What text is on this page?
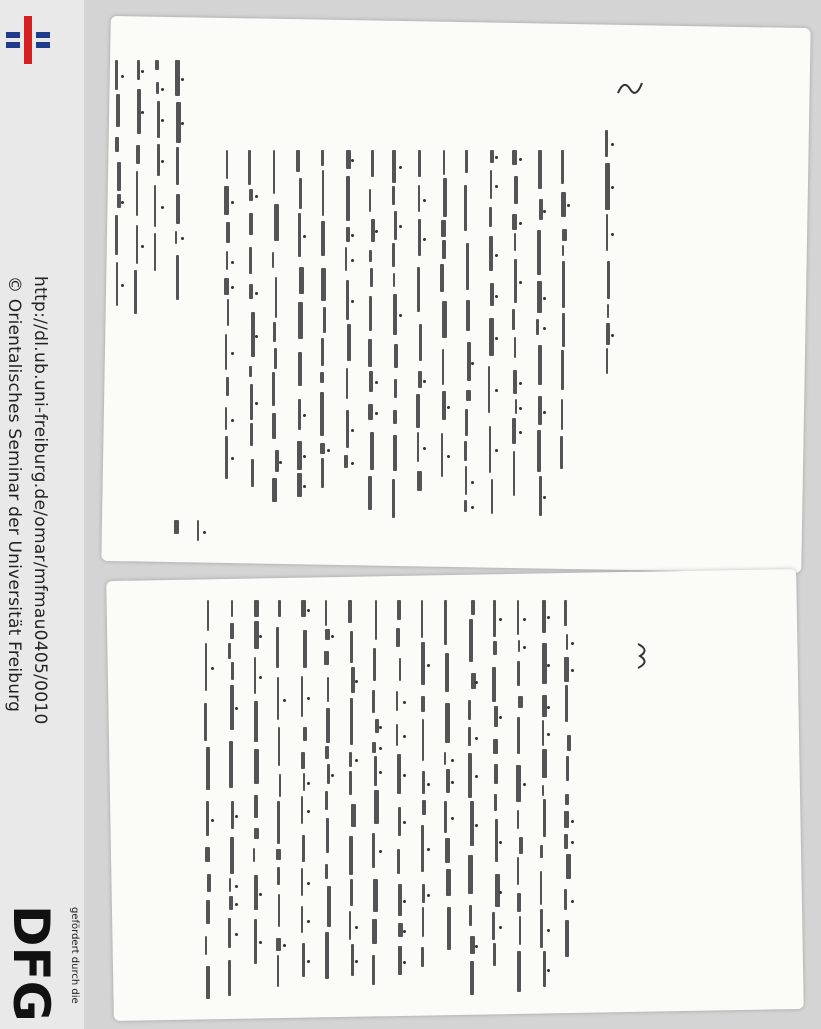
http://dl.ub.uni-freiburg.de/omar/mfmau0405/0010
© Orientalisches Seminar der Universität Freiburg
gefördert durch die
DFG
